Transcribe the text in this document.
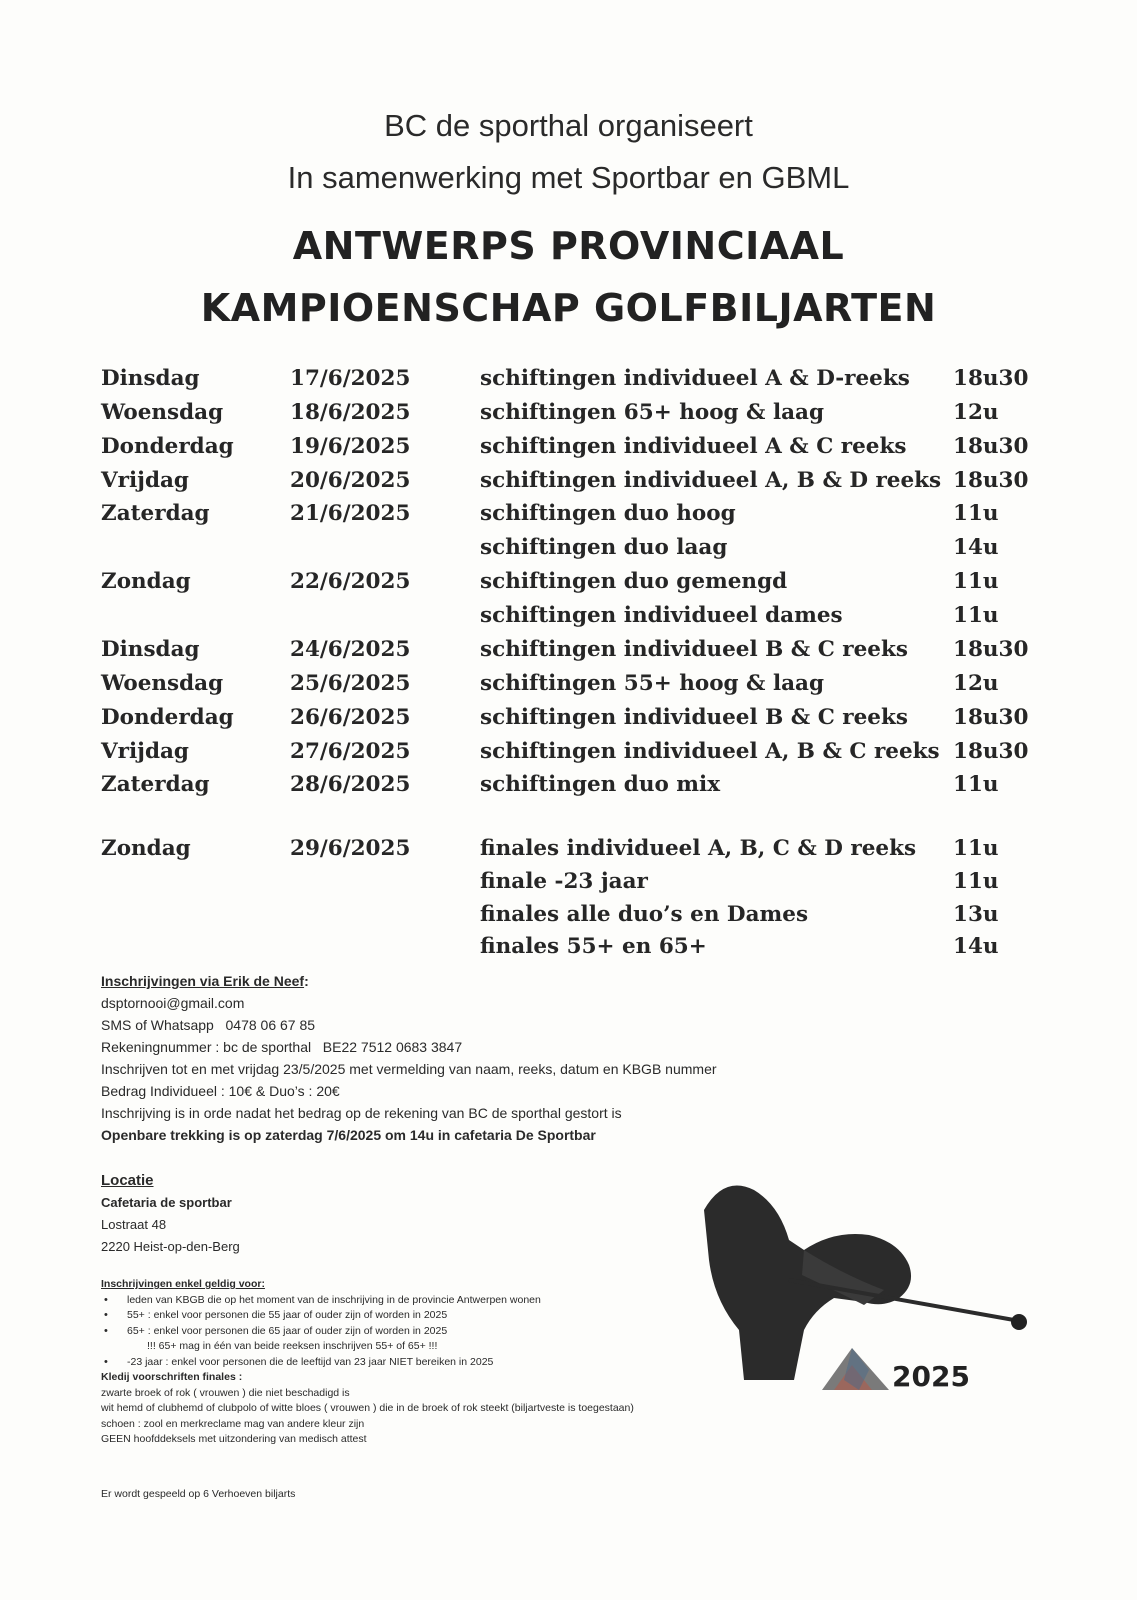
BC de sporthal organiseert
In samenwerking met Sportbar en GBML
ANTWERPS PROVINCIAAL
KAMPIOENSCHAP GOLFBILJARTEN
Dinsdag	17/6/2025	schiftingen individueel A & D-reeks 18u30
Woensdag	18/6/2025	schiftingen 65+ hoog & laag	12u
Donderdag	19/6/2025	schiftingen individueel A & C reeks 18u30
Vrijdag	20/6/2025	schiftingen individueel A, B & D reeks 18u30
Zaterdag	21/6/2025	schiftingen duo hoog	11u
schiftingen duo laag	14u
Zondag	22/6/2025	schiftingen duo gemengd	11u
schiftingen individueel dames	11u
Dinsdag	24/6/2025	schiftingen individueel B & C reeks 18u30
Woensdag	25/6/2025	schiftingen 55+ hoog & laag	12u
Donderdag	26/6/2025	schiftingen individueel B & C reeks 18u30
Vrijdag	27/6/2025	schiftingen individueel A, B & C reeks 18u30
Zaterdag	28/6/2025	schiftingen duo mix	11u
Zondag	29/6/2025	finales individueel A, B, C & D reeks 11u
finale -23 jaar	11u
finales alle duo’s en Dames	13u
finales 55+ en 65+	14u
Inschrijvingen via Erik de Neef:
dsptornooi@gmail.com
SMS of Whatsapp   0478 06 67 85
Rekeningnummer : bc de sporthal   BE22 7512 0683 3847
Inschrijven tot en met vrijdag 23/5/2025 met vermelding van naam, reeks, datum en KBGB nummer
Bedrag Individueel : 10€ & Duo’s : 20€
Inschrijving is in orde nadat het bedrag op de rekening van BC de sporthal gestort is
Openbare trekking is op zaterdag 7/6/2025 om 14u in cafetaria De Sportbar
Locatie
Cafetaria de sportbar
Lostraat 48
2220 Heist-op-den-Berg
Inschrijvingen enkel geldig voor:
• leden van KBGB die op het moment van de inschrijving in de provincie Antwerpen wonen
• 55+ : enkel voor personen die 55 jaar of ouder zijn of worden in 2025
• 65+ : enkel voor personen die 65 jaar of ouder zijn of worden in 2025
!!! 65+ mag in één van beide reeksen inschrijven 55+ of 65+ !!!
• -23 jaar : enkel voor personen die de leeftijd van 23 jaar NIET bereiken in 2025
Kledij voorschriften finales :
zwarte broek of rok ( vrouwen ) die niet beschadigd is
wit hemd of clubhemd of clubpolo of witte bloes ( vrouwen ) die in de broek of rok steekt (biljartveste is toegestaan)
schoen : zool en merkreclame mag van andere kleur zijn
GEEN hoofddeksels met uitzondering van medisch attest
Er wordt gespeeld op 6 Verhoeven biljarts
2025
